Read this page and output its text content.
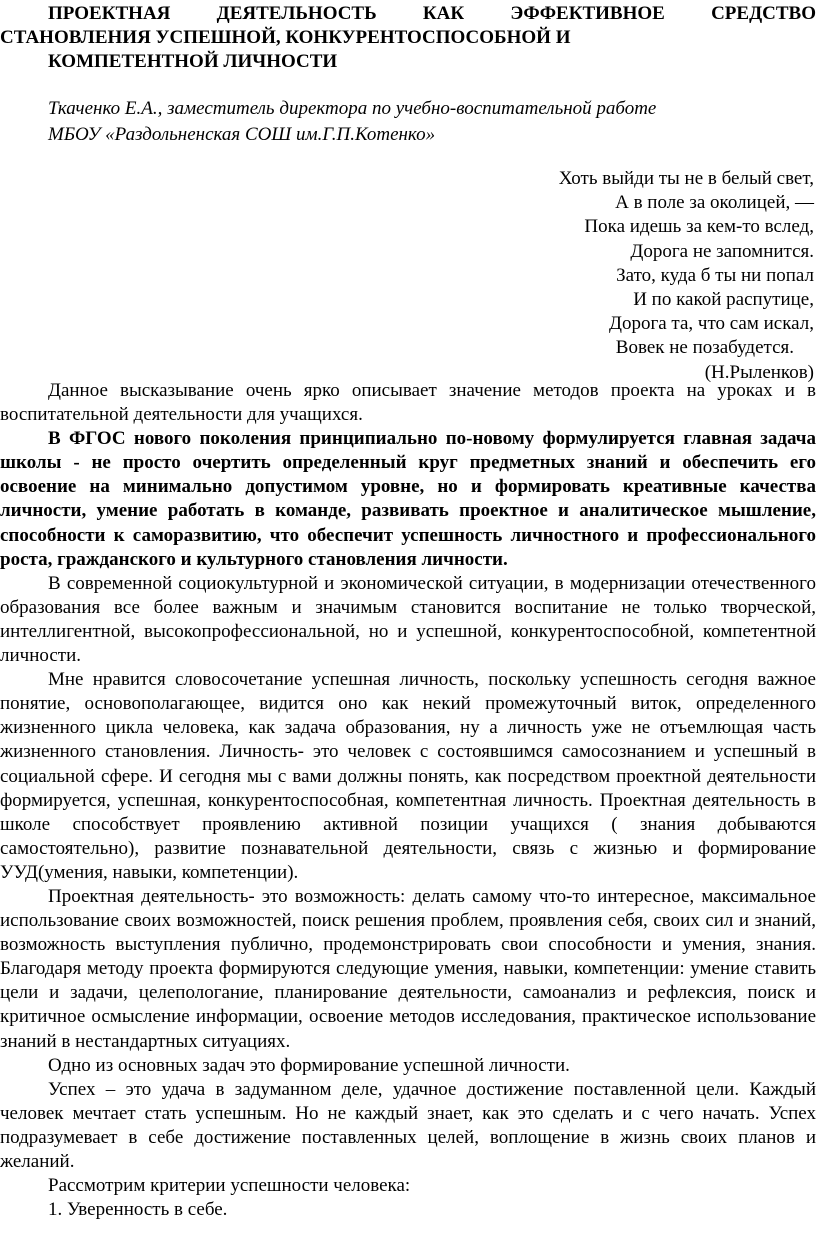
ПРОЕКТНАЯ ДЕЯТЕЛЬНОСТЬ КАК ЭФФЕКТИВНОЕ СРЕДСТВО
СТАНОВЛЕНИЯ УСПЕШНОЙ, КОНКУРЕНТОСПОСОБНОЙ И
КОМПЕТЕНТНОЙ ЛИЧНОСТИ
Ткаченко Е.А., заместитель директора по учебно-воспитательной работе
МБОУ «Раздольненская СОШ им.Г.П.Котенко»
Хоть выйди ты не в белый свет,
А в поле за околицей, —
Пока идешь за кем-то вслед,
Дорога не запомнится.
Зато, куда б ты ни попал
И по какой распутице,
Дорога та, что сам искал,
Вовек не позабудется.
(Н.Рыленков)

Данное высказывание очень ярко описывает значение методов проекта на уроках и в воспитательной деятельности для учащихся.

В ФГОС нового поколения принципиально по-новому формулируется главная задача школы - не просто очертить определенный круг предметных знаний и обеспечить его освоение на минимально допустимом уровне, но и формировать креативные качества личности, умение работать в команде, развивать проектное и аналитическое мышление, способности к саморазвитию, что обеспечит успешность личностного и профессионального роста, гражданского и культурного становления личности.

В современной социокультурной и экономической ситуации, в модернизации отечественного образования все более важным и значимым становится воспитание не только творческой, интеллигентной, высокопрофессиональной, но и успешной, конкурентоспособной, компетентной личности.

Мне нравится словосочетание успешная личность, поскольку успешность сегодня важное понятие, основополагающее, видится оно как некий промежуточный виток, определенного жизненного цикла человека, как задача образования, ну а личность уже не отъемлющая часть жизненного становления. Личность- это человек с состоявшимся самосознанием и успешный в социальной сфере. И сегодня мы с вами должны понять, как посредством проектной деятельности формируется, успешная, конкурентоспособная, компетентная личность. Проектная деятельность в школе способствует проявлению активной позиции учащихся ( знания добываются самостоятельно), развитие познавательной деятельности, связь с жизнью и формирование УУД(умения, навыки, компетенции).

Проектная деятельность- это возможность: делать самому что-то интересное, максимальное использование своих возможностей, поиск решения проблем, проявления себя, своих сил и знаний, возможность выступления публично, продемонстрировать свои способности и умения, знания. Благодаря методу проекта формируются следующие умения, навыки, компетенции: умение ставить цели и задачи, целепологание, планирование деятельности, самоанализ и рефлексия, поиск и критичное осмысление информации, освоение методов исследования, практическое использование знаний в нестандартных ситуациях.

Одно из основных задач это формирование успешной личности.

Успех – это удача в задуманном деле, удачное достижение поставленной цели. Каждый человек мечтает стать успешным. Но не каждый знает, как это сделать и с чего начать. Успех подразумевает в себе достижение поставленных целей, воплощение в жизнь своих планов и желаний.

Рассмотрим критерии успешности человека:

1. Уверенность в себе.
